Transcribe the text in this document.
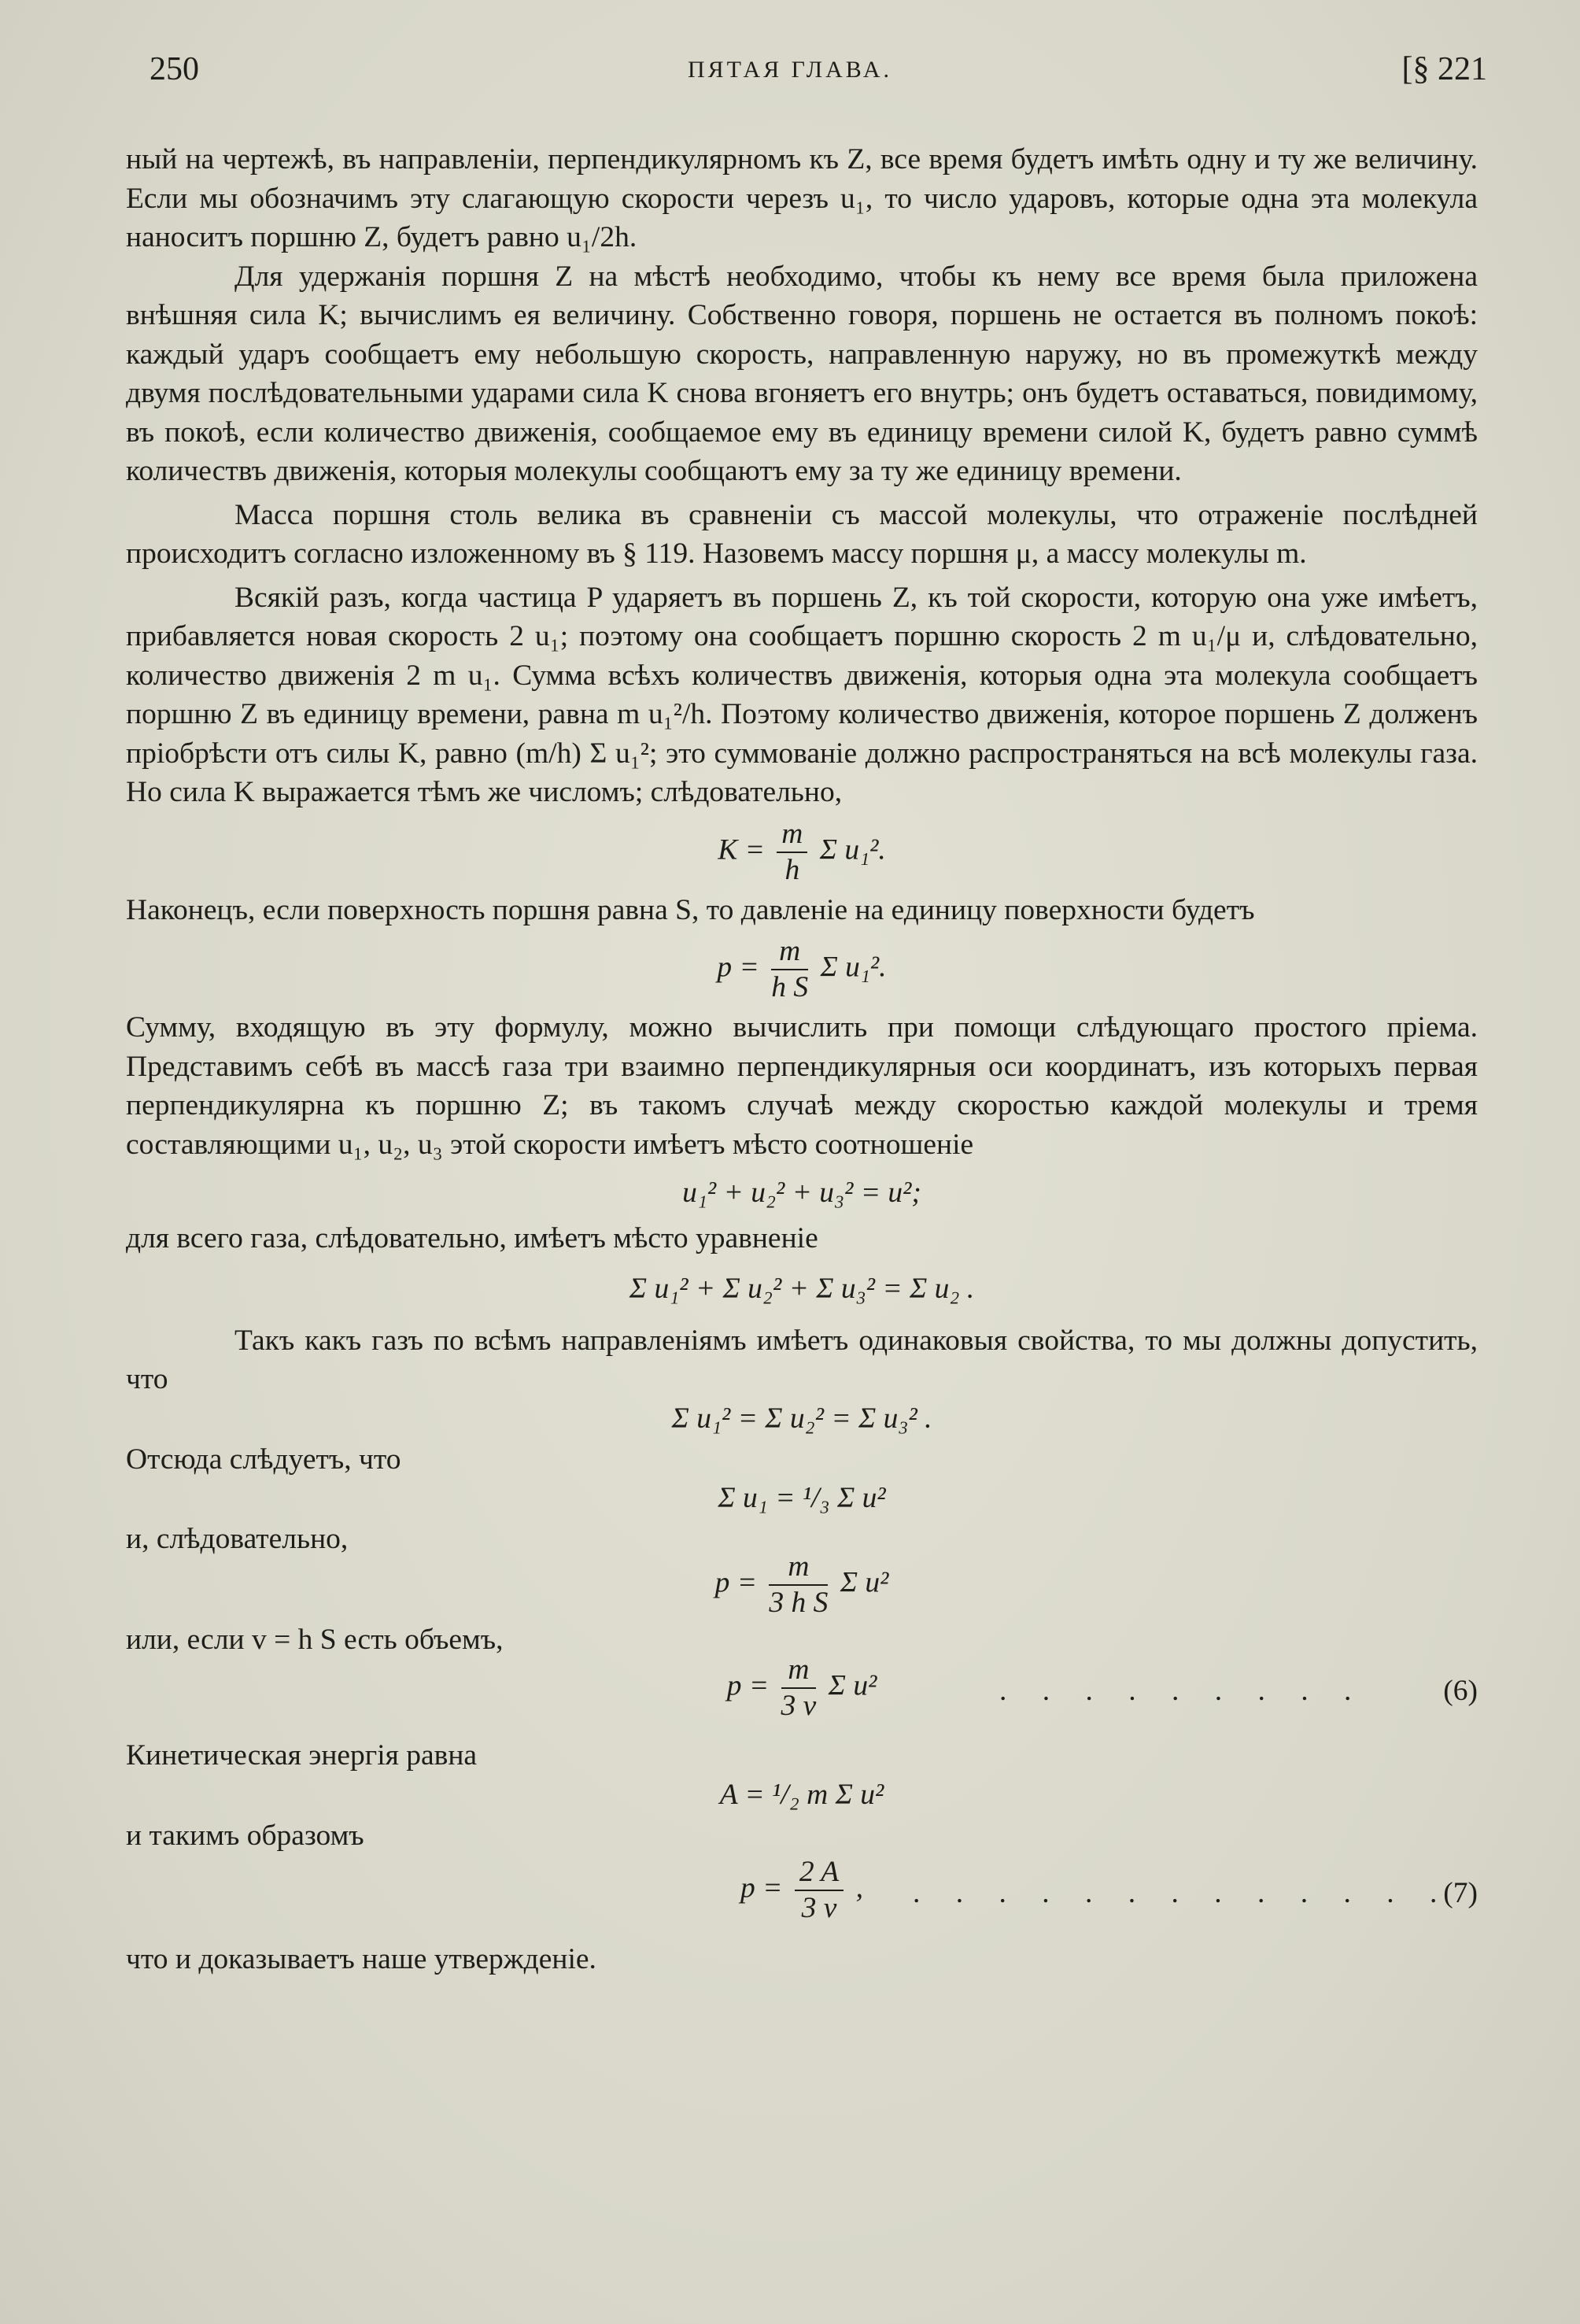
250	ПЯТАЯ ГЛАВА.	[§ 221

ный на чертежѣ, въ направленіи, перпендикулярномъ къ Z, все время будетъ имѣть одну и ту же величину. Если мы обозначимъ эту слагающую скорости черезъ u₁, то число ударовъ, которые одна эта молекула наноситъ поршню Z, будетъ равно u₁/2h.

Для удержанія поршня Z на мѣстѣ необходимо, чтобы къ нему все время была приложена внѣшняя сила K; вычислимъ ея величину. Собственно говоря, поршень не остается въ полномъ покоѣ: каждый ударъ сообщаетъ ему небольшую скорость, направленную наружу, но въ промежуткѣ между двумя послѣдовательными ударами сила K снова вгоняетъ его внутрь; онъ будетъ оставаться, повидимому, въ покоѣ, если количество движенія, сообщаемое ему въ единицу времени силой K, будетъ равно суммѣ количествъ движенія, которыя молекулы сообщаютъ ему за ту же единицу времени.

Масса поршня столь велика въ сравненіи съ массой молекулы, что отраженіе послѣдней происходитъ согласно изложенному въ § 119. Назовемъ массу поршня μ, а массу молекулы m.

Всякій разъ, когда частица P ударяетъ въ поршень Z, къ той скорости, которую она уже имѣетъ, прибавляется новая скорость 2 u₁; поэтому она сообщаетъ поршню скорость 2 m u₁/μ и, слѣдовательно, количество движенія 2 m u₁. Сумма всѣхъ количествъ движенія, которыя одна эта молекула сообщаетъ поршню Z въ единицу времени, равна m u₁²/h. Поэтому количество движенія, которое поршень Z долженъ пріобрѣсти отъ силы K, равно (m/h) Σ u₁²; это суммованіе должно распространяться на всѣ молекулы газа. Но сила K выражается тѣмъ же числомъ; слѣдовательно,

$K = \frac{m}{h}$ Σ u₁².

Наконецъ, если поверхность поршня равна S, то давленіе на единицу поверхности будетъ

$p = \frac{m}{\text{h S}}$ Σ u₁².

Сумму, входящую въ эту формулу, можно вычислить при помощи слѣдующаго простого пріема. Представимъ себѣ въ массѣ газа три взаимно перпендикулярныя оси координатъ, изъ которыхъ первая перпендикулярна къ поршню Z; въ такомъ случаѣ между скоростью каждой молекулы и тремя составляющими u₁, u₂, u₃ этой скорости имѣетъ мѣсто соотношеніе

u₁² + u₂² + u₃² = u²;

для всего газа, слѣдовательно, имѣетъ мѣсто уравненіе

Σ u₁² + Σ u₂² + Σ u₃² = Σ u₂ .

Такъ какъ газъ по всѣмъ направленіямъ имѣетъ одинаковыя свойства, то мы должны допустить, что

Σ u₁² = Σ u₂² = Σ u₃² .

Отсюда слѣдуетъ, что

Σ u₁ = ¹/₃ Σ u²

и, слѣдовательно,

$p = \frac{m}{\text{3 h S}}$ Σ u²

или, если v = h S есть объемъ,

$p = \frac{m}{3 v}$ Σ u²	. . . . . . . . .	(6)

Кинетическая энергія равна

A = ¹/₂ m Σ u²

и такимъ образомъ

$p = \frac{2 A}{3 v}$ ,	. . . . . . . . . . . . .
(7)

что и доказываетъ наше утвержденіе.
